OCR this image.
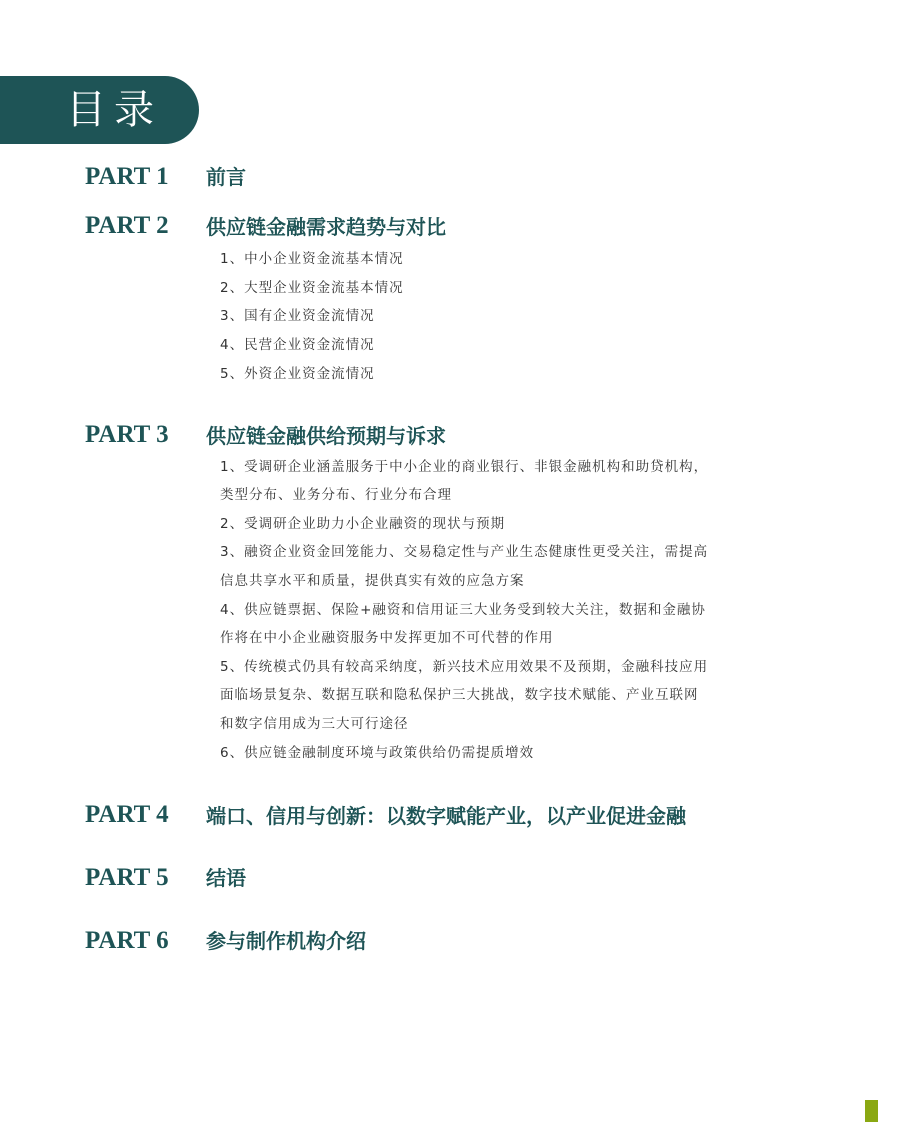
目录
PART 1 前言
PART 2 供应链金融需求趋势与对比
1、中小企业资金流基本情况
2、大型企业资金流基本情况
3、国有企业资金流情况
4、民营企业资金流情况
5、外资企业资金流情况
PART 3 供应链金融供给预期与诉求
1、受调研企业涵盖服务于中小企业的商业银行、非银金融机构和助贷机构，
类型分布、业务分布、行业分布合理
2、受调研企业助力小企业融资的现状与预期
3、融资企业资金回笼能力、交易稳定性与产业生态健康性更受关注，需提高
信息共享水平和质量，提供真实有效的应急方案
4、供应链票据、保险+融资和信用证三大业务受到较大关注，数据和金融协
作将在中小企业融资服务中发挥更加不可代替的作用
5、传统模式仍具有较高采纳度，新兴技术应用效果不及预期，金融科技应用
面临场景复杂、数据互联和隐私保护三大挑战，数字技术赋能、产业互联网
和数字信用成为三大可行途径
6、供应链金融制度环境与政策供给仍需提质增效
PART 4 端口、信用与创新：以数字赋能产业，以产业促进金融
PART 5 结语
PART 6 参与制作机构介绍
